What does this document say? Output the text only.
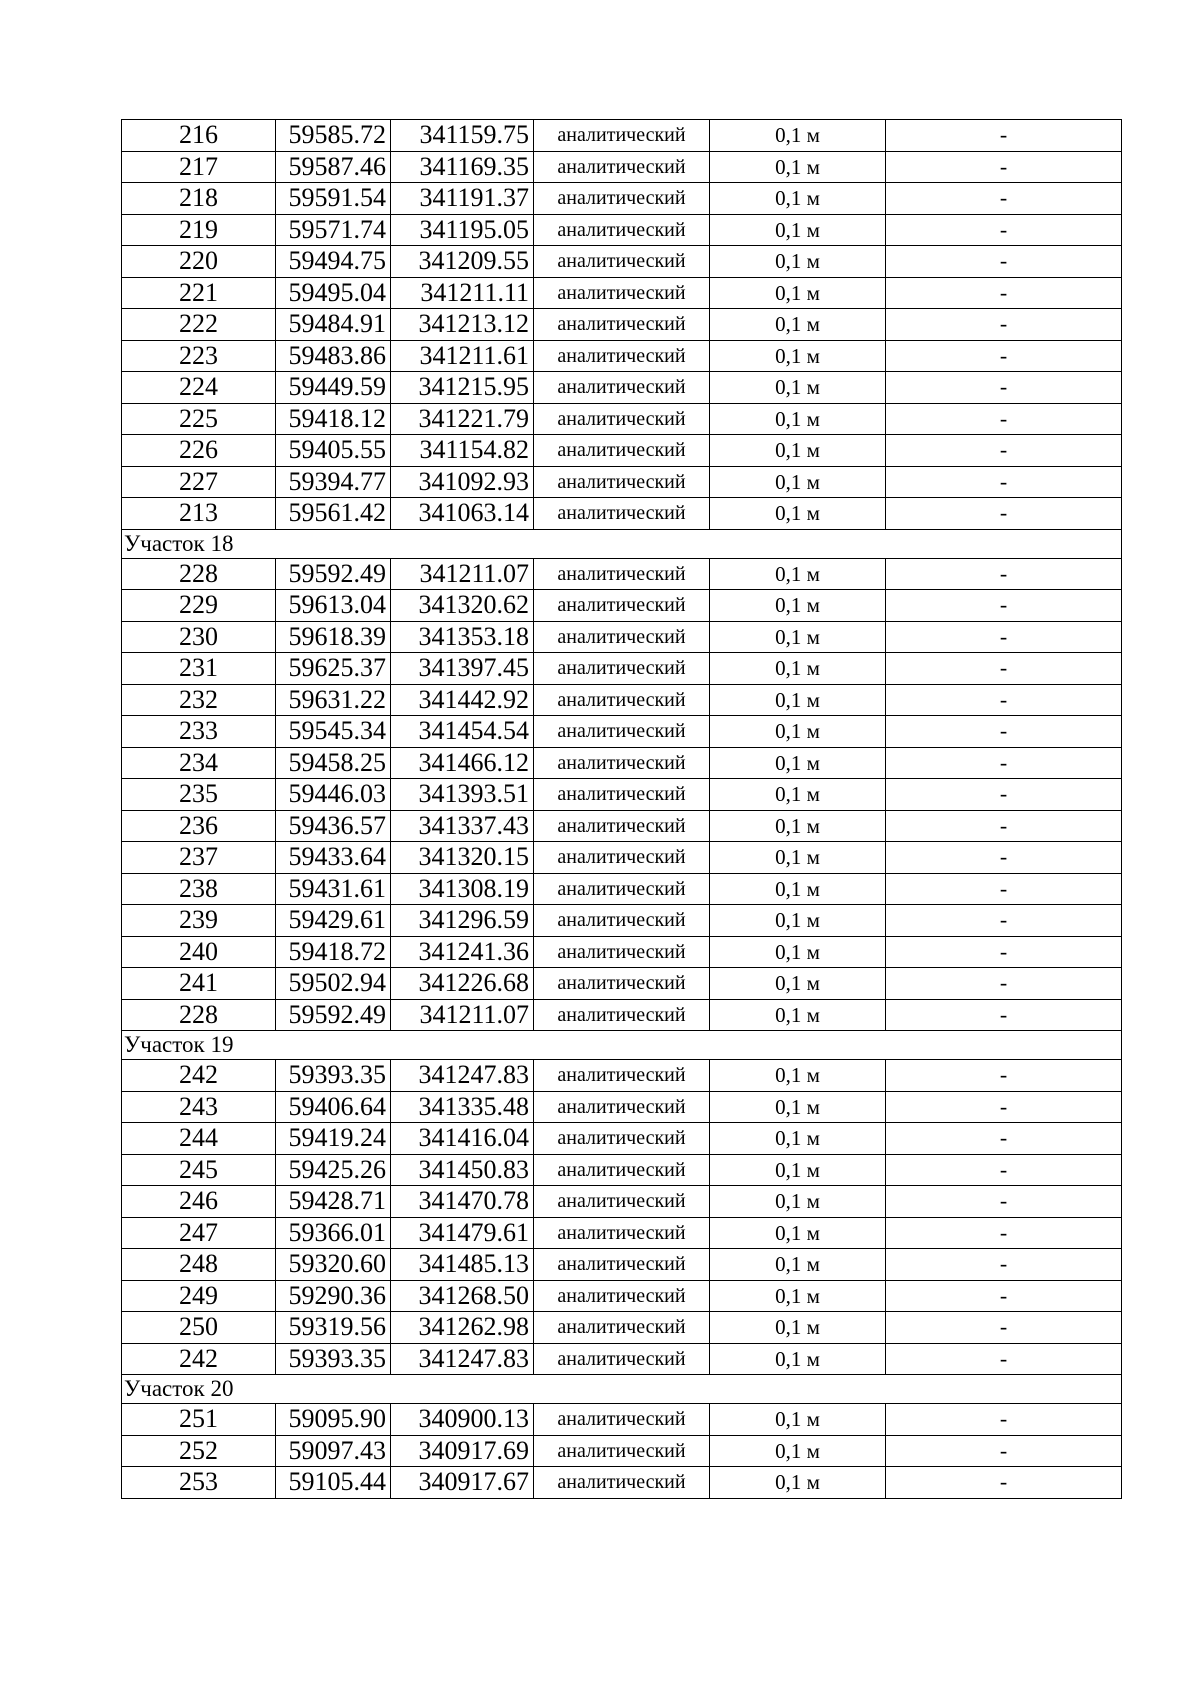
216	59585.72	341159.75	аналитический	0,1 м	-
217	59587.46	341169.35	аналитический	0,1 м	-
218	59591.54	341191.37	аналитический	0,1 м	-
219	59571.74	341195.05	аналитический	0,1 м	-
220	59494.75	341209.55	аналитический	0,1 м	-
221	59495.04	341211.11	аналитический	0,1 м	-
222	59484.91	341213.12	аналитический	0,1 м	-
223	59483.86	341211.61	аналитический	0,1 м	-
224	59449.59	341215.95	аналитический	0,1 м	-
225	59418.12	341221.79	аналитический	0,1 м	-
226	59405.55	341154.82	аналитический	0,1 м	-
227	59394.77	341092.93	аналитический	0,1 м	-
213	59561.42	341063.14	аналитический	0,1 м	-
Участок 18					
228	59592.49	341211.07	аналитический	0,1 м	-
229	59613.04	341320.62	аналитический	0,1 м	-
230	59618.39	341353.18	аналитический	0,1 м	-
231	59625.37	341397.45	аналитический	0,1 м	-
232	59631.22	341442.92	аналитический	0,1 м	-
233	59545.34	341454.54	аналитический	0,1 м	-
234	59458.25	341466.12	аналитический	0,1 м	-
235	59446.03	341393.51	аналитический	0,1 м	-
236	59436.57	341337.43	аналитический	0,1 м	-
237	59433.64	341320.15	аналитический	0,1 м	-
238	59431.61	341308.19	аналитический	0,1 м	-
239	59429.61	341296.59	аналитический	0,1 м	-
240	59418.72	341241.36	аналитический	0,1 м	-
241	59502.94	341226.68	аналитический	0,1 м	-
228	59592.49	341211.07	аналитический	0,1 м	-
Участок 19					
242	59393.35	341247.83	аналитический	0,1 м	-
243	59406.64	341335.48	аналитический	0,1 м	-
244	59419.24	341416.04	аналитический	0,1 м	-
245	59425.26	341450.83	аналитический	0,1 м	-
246	59428.71	341470.78	аналитический	0,1 м	-
247	59366.01	341479.61	аналитический	0,1 м	-
248	59320.60	341485.13	аналитический	0,1 м	-
249	59290.36	341268.50	аналитический	0,1 м	-
250	59319.56	341262.98	аналитический	0,1 м	-
242	59393.35	341247.83	аналитический	0,1 м	-
Участок 20					
251	59095.90	340900.13	аналитический	0,1 м	-
252	59097.43	340917.69	аналитический	0,1 м	-
253	59105.44	340917.67	аналитический	0,1 м	-
